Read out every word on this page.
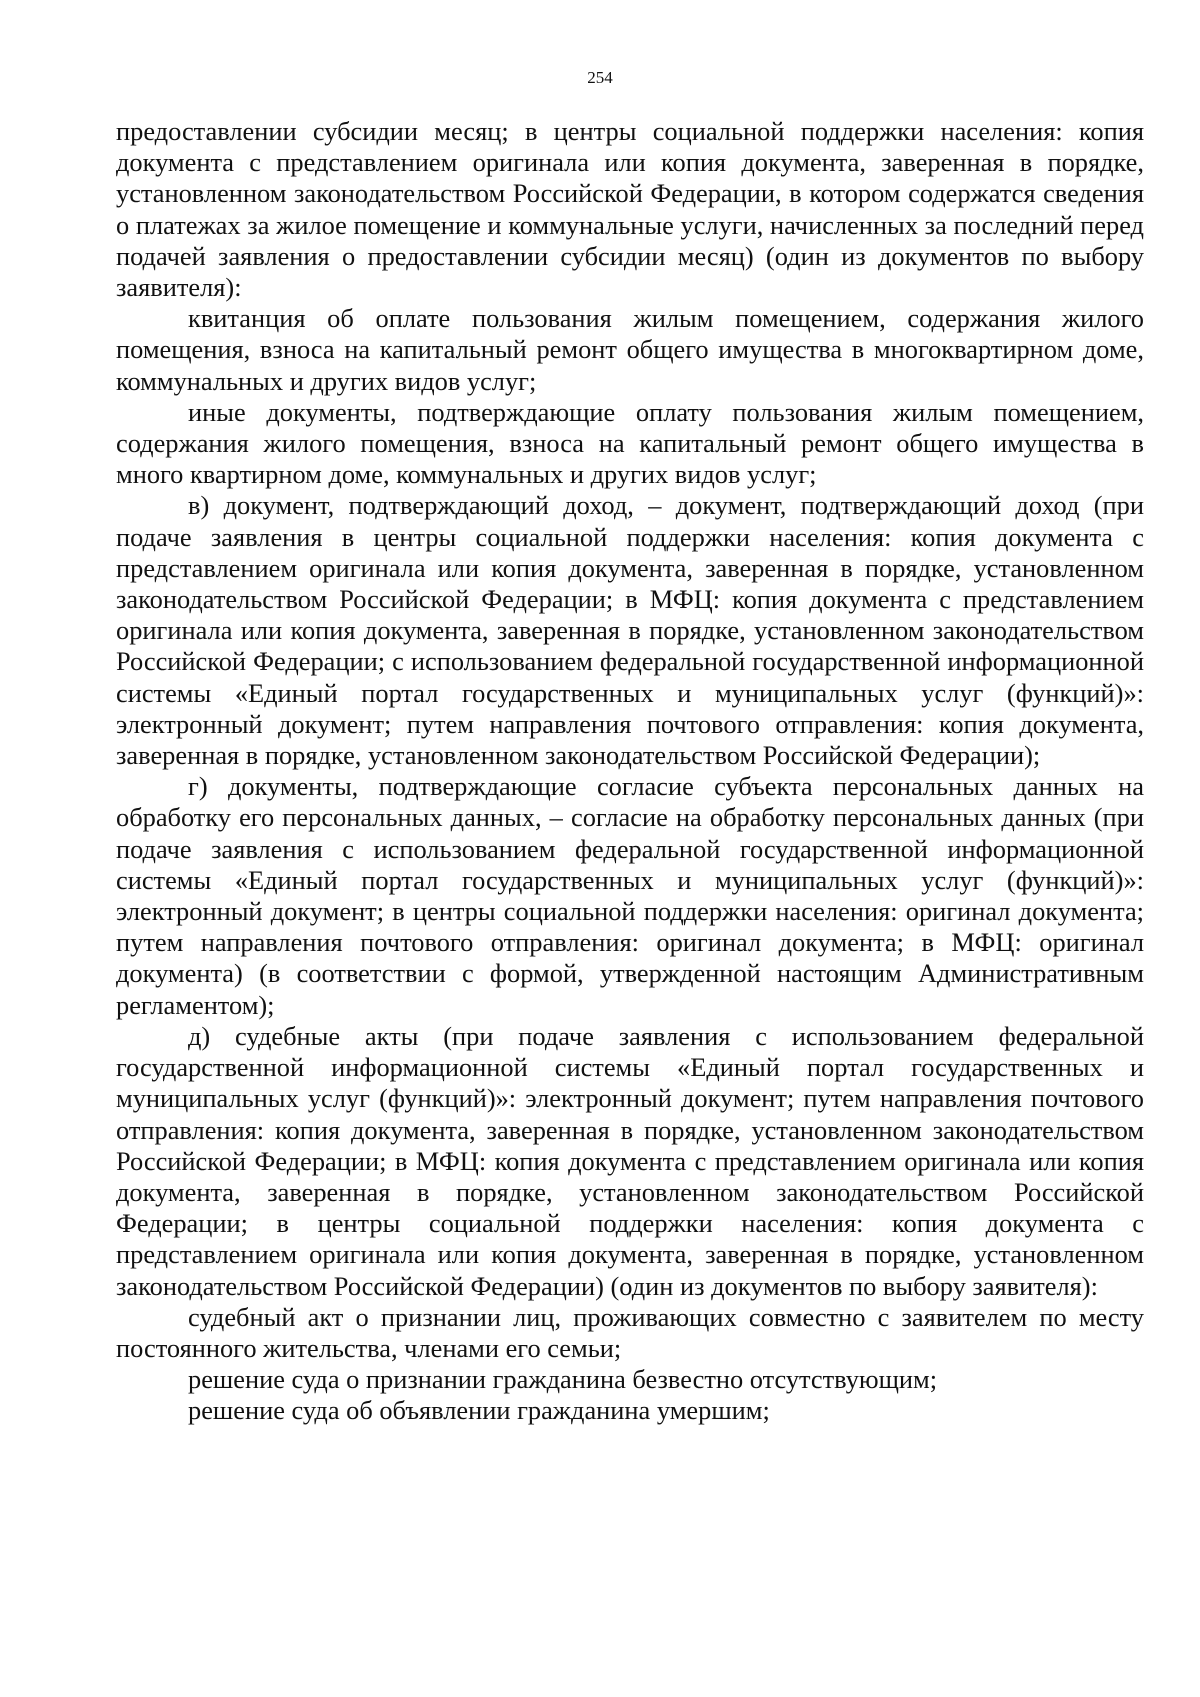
254

предоставлении субсидии месяц; в центры социальной поддержки населения: копия документа с представлением оригинала или копия документа, заверенная в порядке, установленном законодательством Российской Федерации, в котором содержатся сведения о платежах за жилое помещение и коммунальные услуги, начисленных за последний перед подачей заявления о предоставлении субсидии месяц) (один из документов по выбору заявителя):

квитанция об оплате пользования жилым помещением, содержания жилого помещения, взноса на капитальный ремонт общего имущества в многоквартирном доме, коммунальных и других видов услуг;

иные документы, подтверждающие оплату пользования жилым помещением, содержания жилого помещения, взноса на капитальный ремонт общего имущества в много квартирном доме, коммунальных и других видов услуг;

в) документ, подтверждающий доход, – документ, подтверждающий доход (при подаче заявления в центры социальной поддержки населения: копия документа с представлением оригинала или копия документа, заверенная в порядке, установленном законодательством Российской Федерации; в МФЦ: копия документа с представлением оригинала или копия документа, заверенная в порядке, установленном законодательством Российской Федерации; с использованием федеральной государственной информационной системы «Единый портал государственных и муниципальных услуг (функций)»: электронный документ; путем направления почтового отправления: копия документа, заверенная в порядке, установленном законодательством Российской Федерации);

г) документы, подтверждающие согласие субъекта персональных данных на обработку его персональных данных, – согласие на обработку персональных данных (при подаче заявления с использованием федеральной государственной информационной системы «Единый портал государственных и муниципальных услуг (функций)»: электронный документ; в центры социальной поддержки населения: оригинал документа; путем направления почтового отправления: оригинал документа; в МФЦ: оригинал документа) (в соответствии с формой, утвержденной настоящим Административным регламентом);

д) судебные акты (при подаче заявления с использованием федеральной государственной информационной системы «Единый портал государственных и муниципальных услуг (функций)»: электронный документ; путем направления почтового отправления: копия документа, заверенная в порядке, установленном законодательством Российской Федерации; в МФЦ: копия документа с представлением оригинала или копия документа, заверенная в порядке, установленном законодательством Российской Федерации; в центры социальной поддержки населения: копия документа с представлением оригинала или копия документа, заверенная в порядке, установленном законодательством Российской Федерации) (один из документов по выбору заявителя):

судебный акт о признании лиц, проживающих совместно с заявителем по месту постоянного жительства, членами его семьи;

решение суда о признании гражданина безвестно отсутствующим;

решение суда об объявлении гражданина умершим;
